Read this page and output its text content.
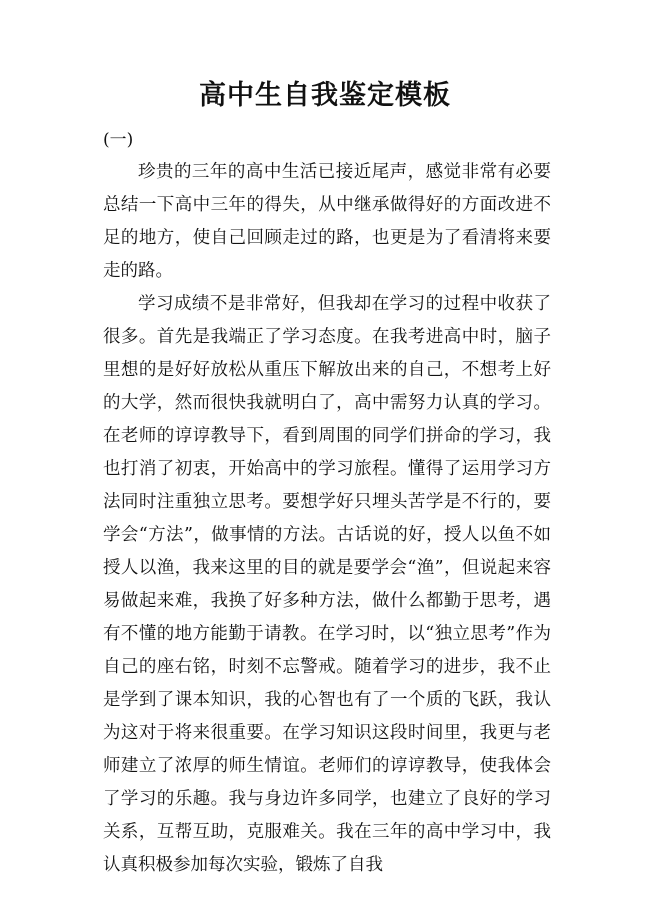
高中生自我鉴定模板
(一)

珍贵的三年的高中生活已接近尾声，感觉非常有必要总结一下高中三年的得失，从中继承做得好的方面改进不足的地方，使自己回顾走过的路，也更是为了看清将来要走的路。

学习成绩不是非常好，但我却在学习的过程中收获了很多。首先是我端正了学习态度。在我考进高中时，脑子里想的是好好放松从重压下解放出来的自己，不想考上好的大学，然而很快我就明白了，高中需努力认真的学习。在老师的谆谆教导下，看到周围的同学们拼命的学习，我也打消了初衷，开始高中的学习旅程。懂得了运用学习方法同时注重独立思考。要想学好只埋头苦学是不行的，要学会“方法”，做事情的方法。古话说的好，授人以鱼不如授人以渔，我来这里的目的就是要学会“渔”，但说起来容易做起来难，我换了好多种方法，做什么都勤于思考，遇有不懂的地方能勤于请教。在学习时，以“独立思考”作为自己的座右铭，时刻不忘警戒。随着学习的进步，我不止是学到了课本知识，我的心智也有了一个质的飞跃，我认为这对于将来很重要。在学习知识这段时间里，我更与老师建立了浓厚的师生情谊。老师们的谆谆教导，使我体会了学习的乐趣。我与身边许多同学，也建立了良好的学习关系，互帮互助，克服难关。我在三年的高中学习中，我认真积极参加每次实验，锻炼了自我
